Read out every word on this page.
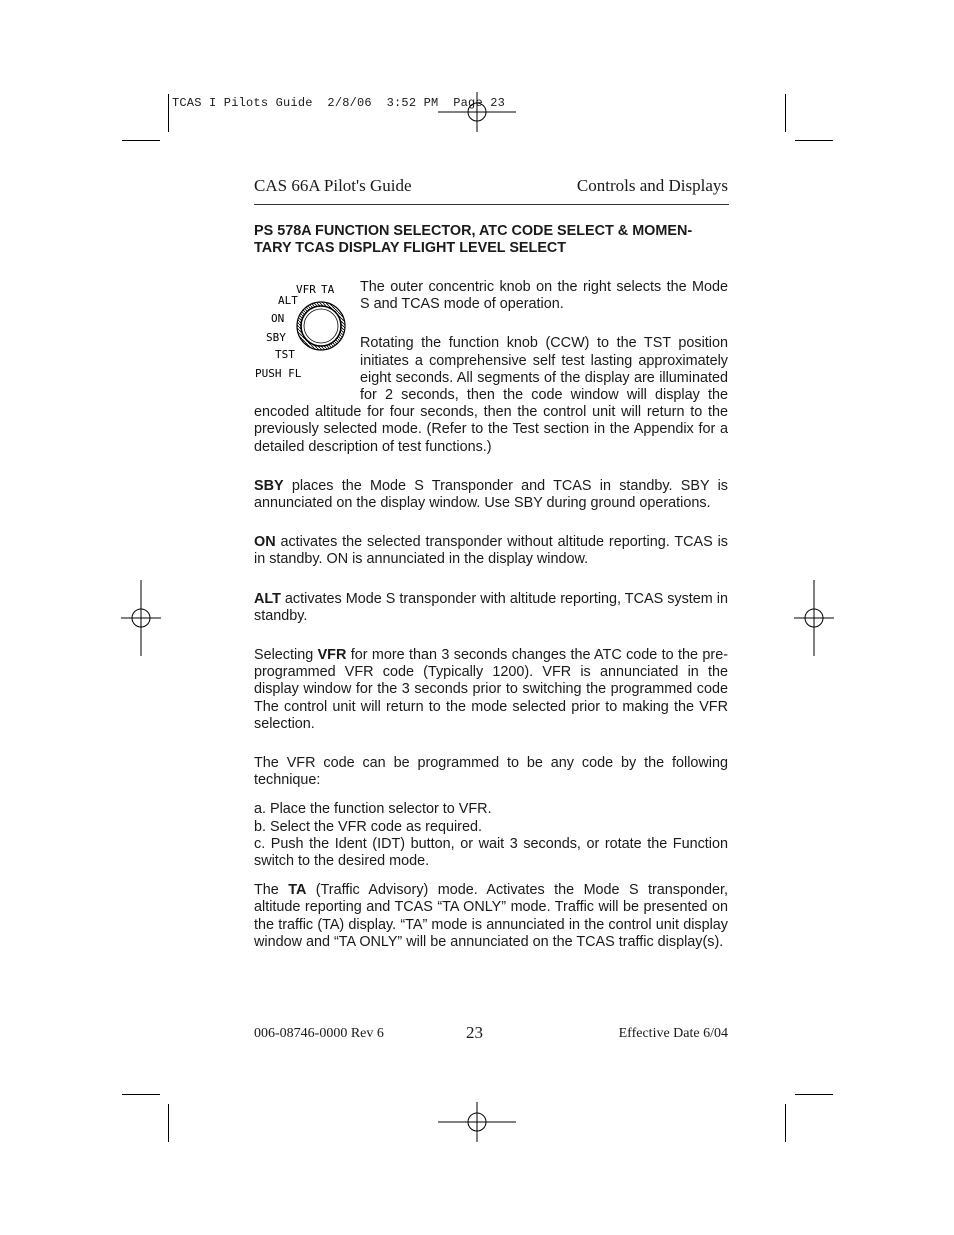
TCAS I Pilots Guide  2/8/06  3:52 PM  Page 23
CAS 66A Pilot's Guide	Controls and Displays
PS 578A FUNCTION SELECTOR, ATC CODE SELECT & MOMEN-
TARY TCAS DISPLAY FLIGHT LEVEL SELECT
VFR TA
ALT
ON
SBY
TST
PUSH FL

The outer concentric knob on the right selects the Mode S and TCAS mode of operation.

Rotating the function knob (CCW) to the TST position initiates a comprehensive self test lasting approximately eight seconds. All segments of the display are illuminated for 2 seconds, then the code window will display the encoded altitude for four seconds, then the control unit will return to the previously selected mode. (Refer to the Test section in the Appendix for a detailed description of test functions.)

SBY places the Mode S Transponder and TCAS in standby. SBY is annunciated on the display window. Use SBY during ground operations.

ON activates the selected transponder without altitude reporting. TCAS is in standby. ON is annunciated in the display window.

ALT activates Mode S transponder with altitude reporting, TCAS system in standby.

Selecting VFR for more than 3 seconds changes the ATC code to the pre-programmed VFR code (Typically 1200). VFR is annunciated in the display window for the 3 seconds prior to switching the programmed code The control unit will return to the mode selected prior to making the VFR selection.

The VFR code can be programmed to be any code by the following technique:

a. Place the function selector to VFR.

b. Select the VFR code as required.

c. Push the Ident (IDT) button, or wait 3 seconds, or rotate the Function switch to the desired mode.

The TA (Traffic Advisory) mode. Activates the Mode S transponder, altitude reporting and TCAS “TA ONLY” mode. Traffic will be presented on the traffic (TA) display. “TA” mode is annunciated in the control unit display window and “TA ONLY” will be annunciated on the TCAS traffic display(s).

006-08746-0000 Rev 6	23	Effective Date 6/04
